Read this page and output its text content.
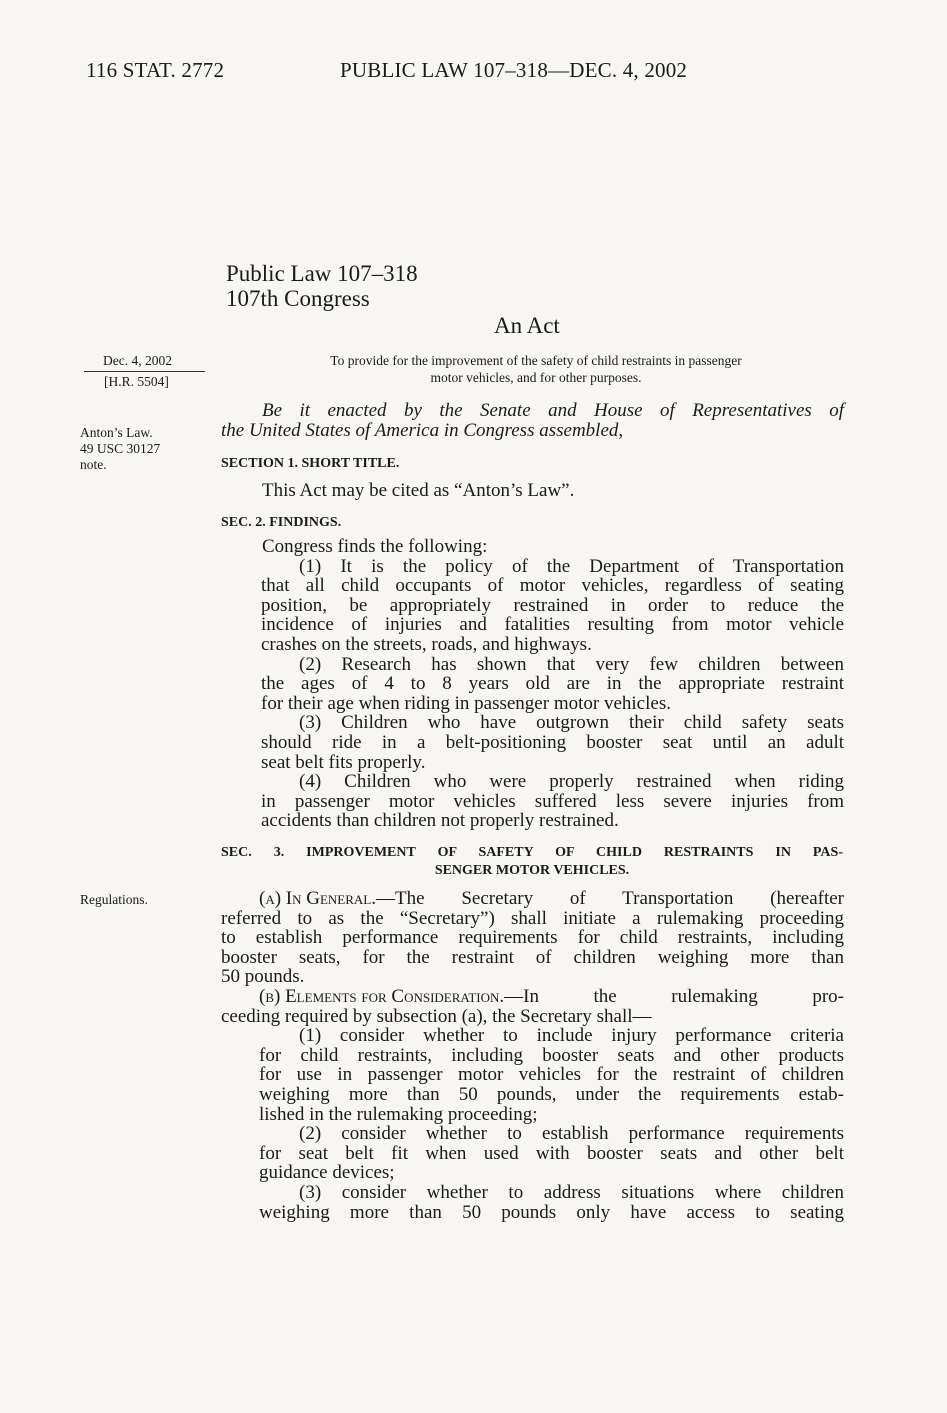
116 STAT. 2772	PUBLIC LAW 107–318—DEC. 4, 2002
Public Law 107–318
107th Congress
An Act
Dec. 4, 2002
[H.R. 5504]
Anton’s Law.
49 USC 30127
note.
Regulations.
To provide for the improvement of the safety of child restraints in passenger
motor vehicles, and for other purposes.
Be it enacted by the Senate and House of Representatives of
the United States of America in Congress assembled,
SECTION 1. SHORT TITLE.
This Act may be cited as “Anton’s Law”.
SEC. 2. FINDINGS.
Congress finds the following:
(1) It is the policy of the Department of Transportation
that all child occupants of motor vehicles, regardless of seating
position, be appropriately restrained in order to reduce the
incidence of injuries and fatalities resulting from motor vehicle
crashes on the streets, roads, and highways.
(2) Research has shown that very few children between
the ages of 4 to 8 years old are in the appropriate restraint
for their age when riding in passenger motor vehicles.
(3) Children who have outgrown their child safety seats
should ride in a belt-positioning booster seat until an adult
seat belt fits properly.
(4) Children who were properly restrained when riding
in passenger motor vehicles suffered less severe injuries from
accidents than children not properly restrained.
SEC. 3. IMPROVEMENT OF SAFETY OF CHILD RESTRAINTS IN PAS-
SENGER MOTOR VEHICLES.
(a) In General. —The Secretary of Transportation (hereafter
referred to as the “Secretary”) shall initiate a rulemaking proceeding
to establish performance requirements for child restraints, including
booster seats, for the restraint of children weighing more than
50 pounds.
(b) Elements for Consideration. —In the rulemaking pro-
ceeding required by subsection (a), the Secretary shall—
(1) consider whether to include injury performance criteria
for child restraints, including booster seats and other products
for use in passenger motor vehicles for the restraint of children
weighing more than 50 pounds, under the requirements estab-
lished in the rulemaking proceeding;
(2) consider whether to establish performance requirements
for seat belt fit when used with booster seats and other belt
guidance devices;
(3) consider whether to address situations where children
weighing more than 50 pounds only have access to seating
